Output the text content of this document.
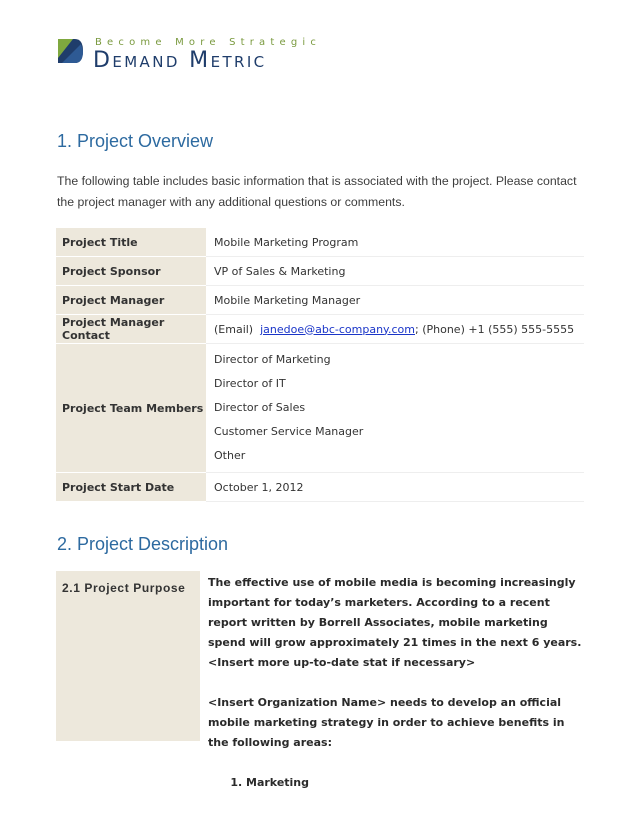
Become More Strategic
Demand Metric
1. Project Overview

The following table includes basic information that is associated with the project. Please contact the project manager with any additional questions or comments.

Project Title	Mobile Marketing Program
Project Sponsor	VP of Sales & Marketing
Project Manager	Mobile Marketing Manager
Project Manager Contact	(Email) janedoe@abc-company.com; (Phone) +1 (555) 555-5555
Project Team Members	Director of Marketing
Director of IT
Director of Sales
Customer Service Manager
Other

Project Start Date	October 1, 2012
2. Project Description
2.1 Project Purpose	The effective use of mobile media is becoming increasingly important for today’s marketers. According to a recent report written by Borrell Associates, mobile marketing spend will grow approximately 21 times in the next 6 years. <Insert more up-to-date stat if necessary>

<Insert Organization Name> needs to develop an official mobile marketing strategy in order to achieve benefits in the following areas:

1. Marketing
